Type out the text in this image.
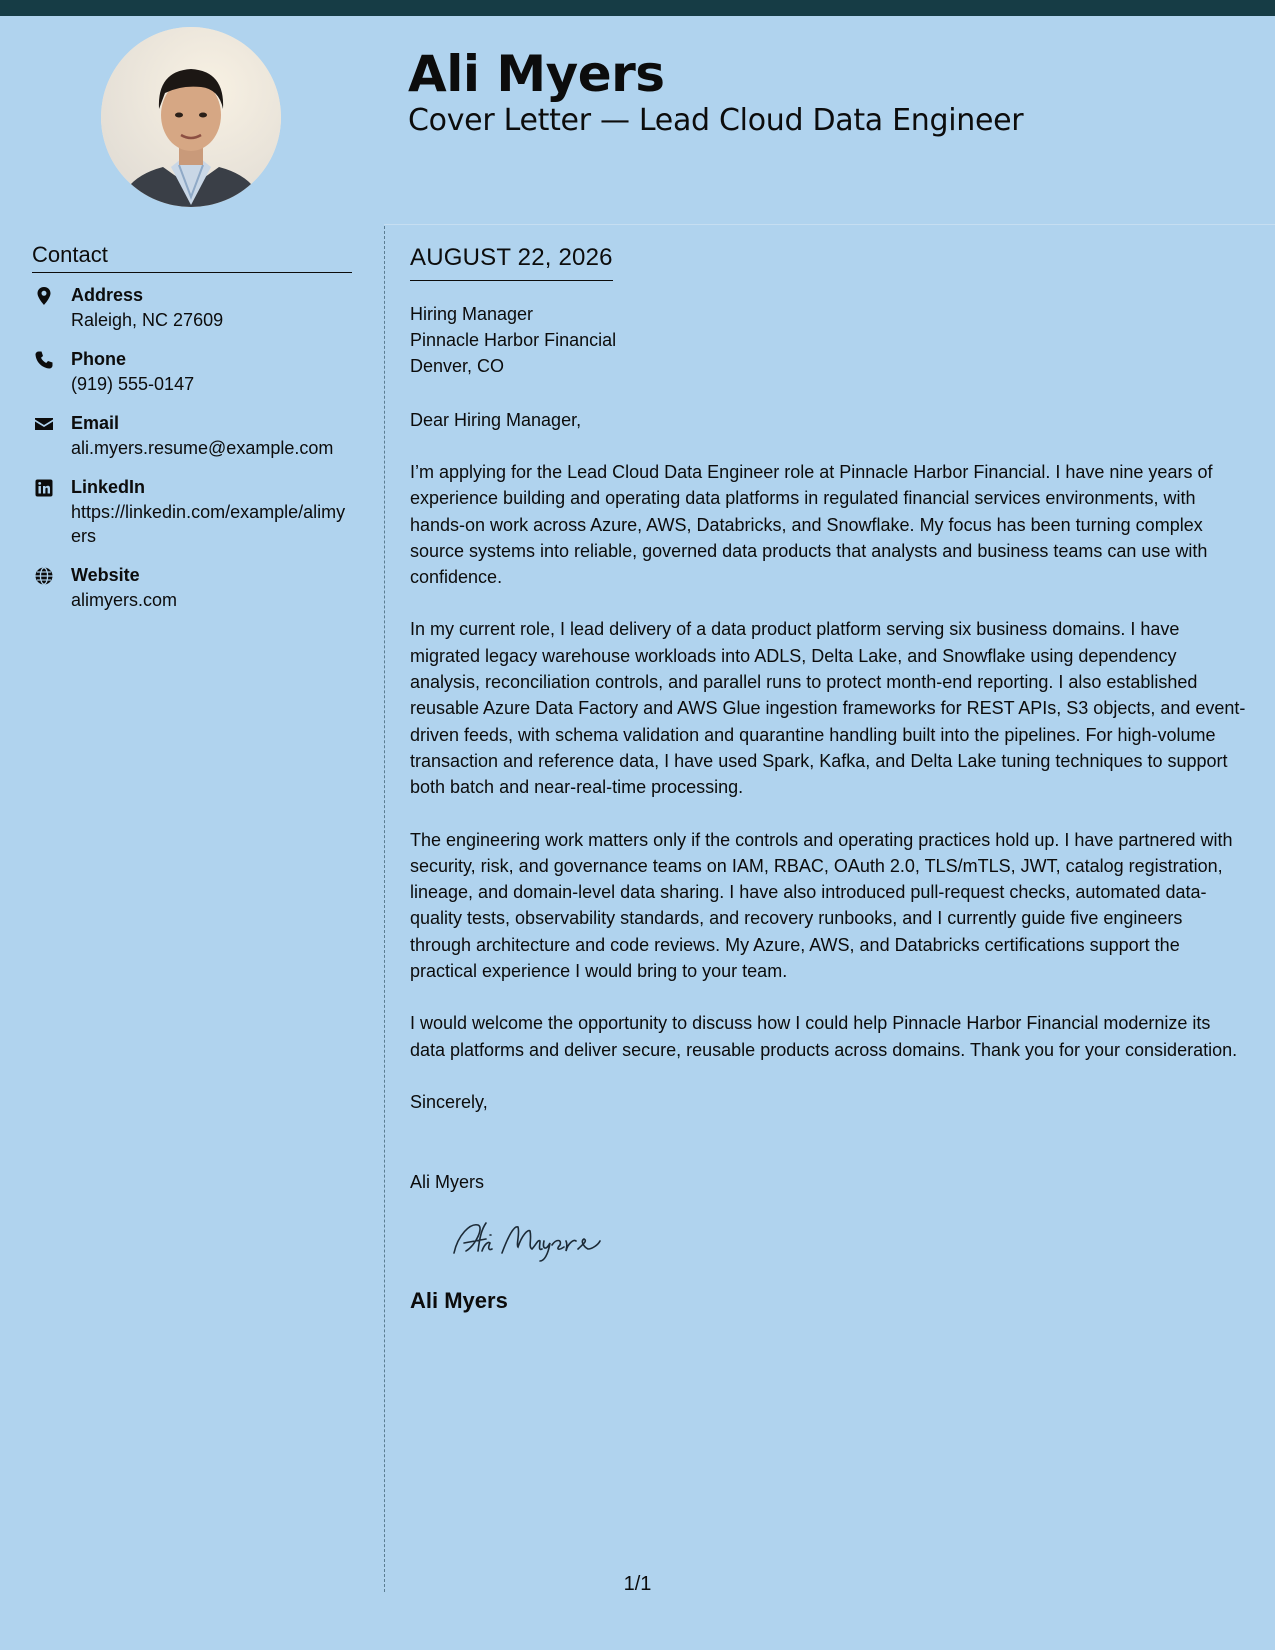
Ali Myers
Cover Letter — Lead Cloud Data Engineer
Contact
Address
Raleigh, NC 27609
Phone
(919) 555-0147
Email
ali.myers.resume@example.com
LinkedIn
https://linkedin.com/example/alimyers
Website
alimyers.com
AUGUST 22, 2026
Hiring Manager
Pinnacle Harbor Financial
Denver, CO
Dear Hiring Manager,
I’m applying for the Lead Cloud Data Engineer role at Pinnacle Harbor Financial. I have nine years of experience building and operating data platforms in regulated financial services environments, with hands-on work across Azure, AWS, Databricks, and Snowflake. My focus has been turning complex source systems into reliable, governed data products that analysts and business teams can use with confidence.
In my current role, I lead delivery of a data product platform serving six business domains. I have migrated legacy warehouse workloads into ADLS, Delta Lake, and Snowflake using dependency analysis, reconciliation controls, and parallel runs to protect month-end reporting. I also established reusable Azure Data Factory and AWS Glue ingestion frameworks for REST APIs, S3 objects, and event-driven feeds, with schema validation and quarantine handling built into the pipelines. For high-volume transaction and reference data, I have used Spark, Kafka, and Delta Lake tuning techniques to support both batch and near-real-time processing.
The engineering work matters only if the controls and operating practices hold up. I have partnered with security, risk, and governance teams on IAM, RBAC, OAuth 2.0, TLS/mTLS, JWT, catalog registration, lineage, and domain-level data sharing. I have also introduced pull-request checks, automated data-quality tests, observability standards, and recovery runbooks, and I currently guide five engineers through architecture and code reviews. My Azure, AWS, and Databricks certifications support the practical experience I would bring to your team.
I would welcome the opportunity to discuss how I could help Pinnacle Harbor Financial modernize its data platforms and deliver secure, reusable products across domains. Thank you for your consideration.
Sincerely,
Ali Myers
Ali Myers
1/1
